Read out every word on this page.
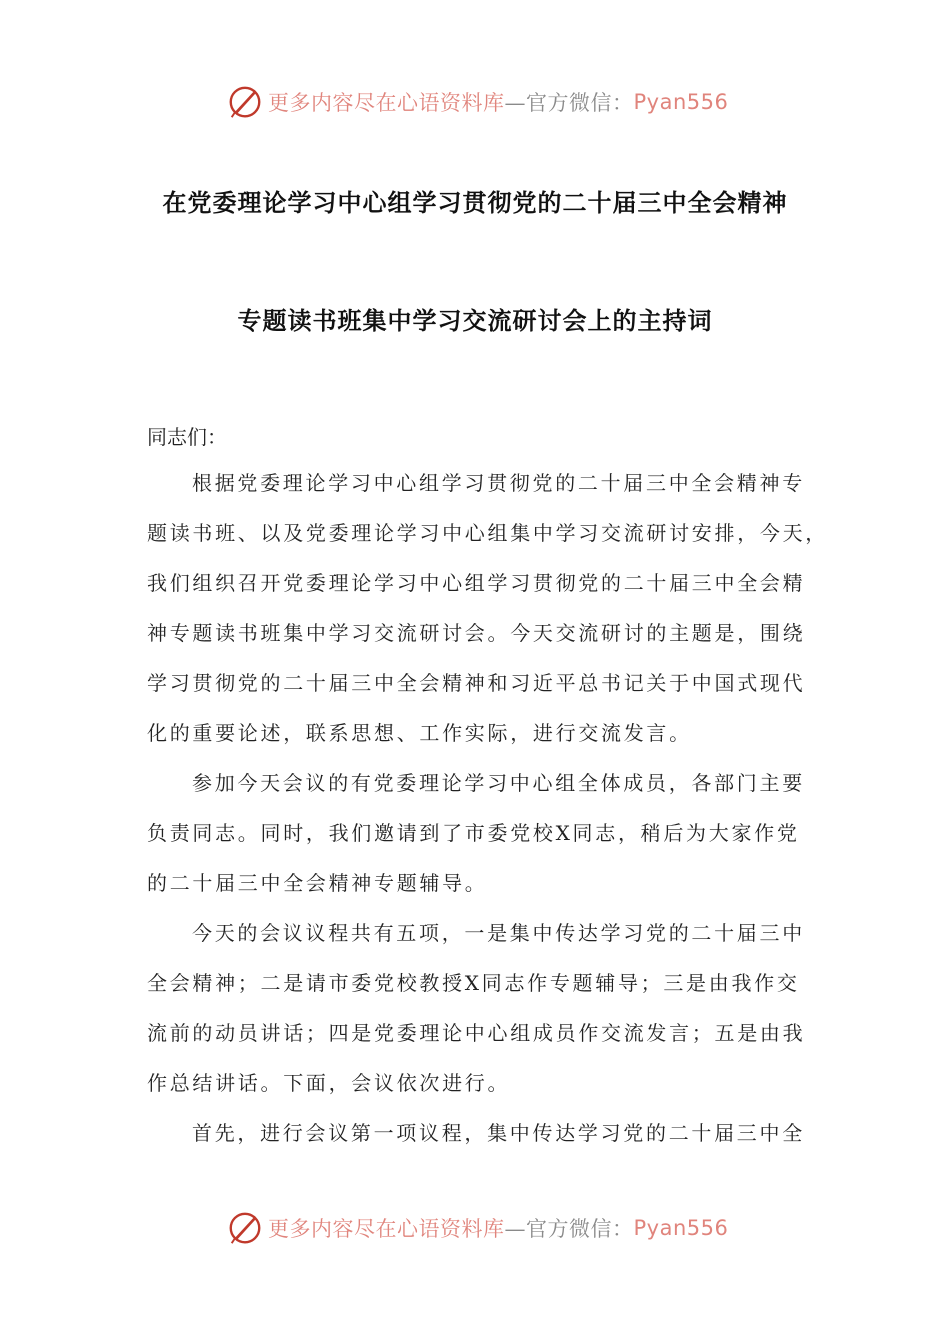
更多内容尽在心语资料库 —官方微信： Pyan556
在党委理论学习中心组学习贯彻党的二十届三中全会精神
专题读书班集中学习交流研讨会上的主持词
同志们：
根据党委理论学习中心组学习贯彻党的二十届三中全会精神专
题读书班、以及党委理论学习中心组集中学习交流研讨安排，今天，
我们组织召开党委理论学习中心组学习贯彻党的二十届三中全会精
神专题读书班集中学习交流研讨会。今天交流研讨的主题是，围绕
学习贯彻党的二十届三中全会精神和习近平总书记关于中国式现代
化的重要论述，联系思想、工作实际，进行交流发言。
参加今天会议的有党委理论学习中心组全体成员，各部门主要
负责同志。同时，我们邀请到了市委党校X同志，稍后为大家作党
的二十届三中全会精神专题辅导。
今天的会议议程共有五项，一是集中传达学习党的二十届三中
全会精神；二是请市委党校教授X同志作专题辅导；三是由我作交
流前的动员讲话；四是党委理论中心组成员作交流发言；五是由我
作总结讲话。下面，会议依次进行。
首先，进行会议第一项议程，集中传达学习党的二十届三中全
更多内容尽在心语资料库 —官方微信： Pyan556
